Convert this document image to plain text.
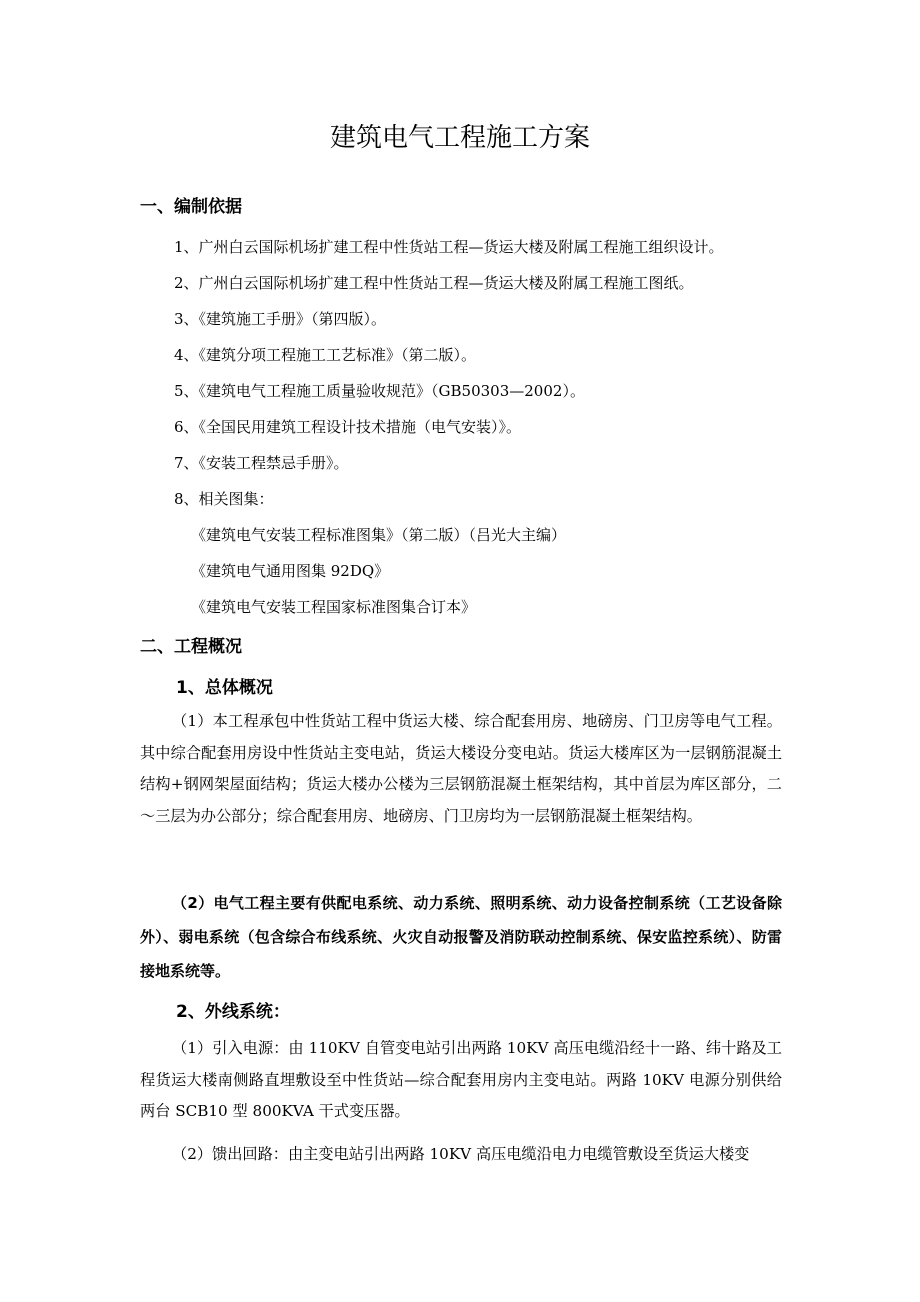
建筑电气工程施工方案
一、编制依据
1、广州白云国际机场扩建工程中性货站工程—货运大楼及附属工程施工组织设计。
2、广州白云国际机场扩建工程中性货站工程—货运大楼及附属工程施工图纸。
3、《建筑施工手册》（第四版）。
4、《建筑分项工程施工工艺标准》（第二版）。
5、《建筑电气工程施工质量验收规范》（GB50303—2002）。
6、《全国民用建筑工程设计技术措施（电气安装）》。
7、《安装工程禁忌手册》。
8、相关图集：
《建筑电气安装工程标准图集》（第二版）（吕光大主编）
《建筑电气通用图集 92DQ》
《建筑电气安装工程国家标准图集合订本》
二、工程概况
1、总体概况
（1）本工程承包中性货站工程中货运大楼、综合配套用房、地磅房、门卫房等电气工程。其中综合配套用房设中性货站主变电站，货运大楼设分变电站。货运大楼库区为一层钢筋混凝土结构+钢网架屋面结构；货运大楼办公楼为三层钢筋混凝土框架结构，其中首层为库区部分，二～三层为办公部分；综合配套用房、地磅房、门卫房均为一层钢筋混凝土框架结构。
（2）电气工程主要有供配电系统、动力系统、照明系统、动力设备控制系统（工艺设备除外）、弱电系统（包含综合布线系统、火灾自动报警及消防联动控制系统、保安监控系统）、防雷接地系统等。
2、外线系统：
（1）引入电源：由 110KV 自管变电站引出两路 10KV 高压电缆沿经十一路、纬十路及工程货运大楼南侧路直埋敷设至中性货站—综合配套用房内主变电站。两路 10KV 电源分别供给两台 SCB10 型 800KVA 干式变压器。
（2）馈出回路：由主变电站引出两路 10KV 高压电缆沿电力电缆管敷设至货运大楼变
